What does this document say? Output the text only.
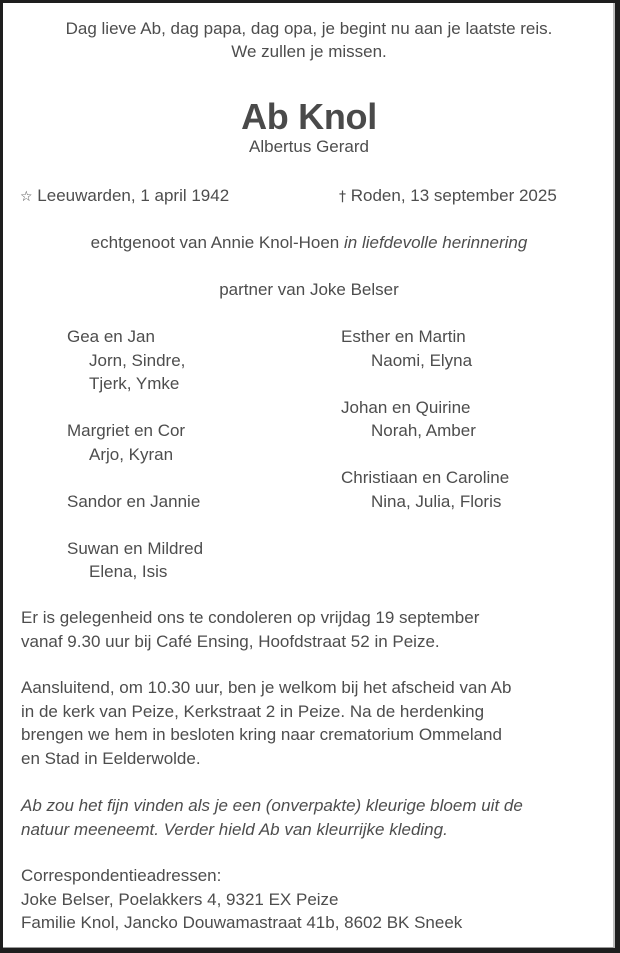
Dag lieve Ab, dag papa, dag opa, je begint nu aan je laatste reis.
We zullen je missen.
Ab Knol
Albertus Gerard
☆ Leeuwarden, 1 april 1942	† Roden, 13 september 2025
echtgenoot van Annie Knol-Hoen in liefdevolle herinnering
partner van Joke Belser
Gea en Jan
Jorn, Sindre,
Tjerk, Ymke
Margriet en Cor
Arjo, Kyran
Sandor en Jannie
Suwan en Mildred
Elena, Isis
Esther en Martin
Naomi, Elyna
Johan en Quirine
Norah, Amber
Christiaan en Caroline
Nina, Julia, Floris
Er is gelegenheid ons te condoleren op vrijdag 19 september
vanaf 9.30 uur bij Café Ensing, Hoofdstraat 52 in Peize.
Aansluitend, om 10.30 uur, ben je welkom bij het afscheid van Ab
in de kerk van Peize, Kerkstraat 2 in Peize. Na de herdenking
brengen we hem in besloten kring naar crematorium Ommeland
en Stad in Eelderwolde.
Ab zou het fijn vinden als je een (onverpakte) kleurige bloem uit de
natuur meeneemt. Verder hield Ab van kleurrijke kleding.
Correspondentieadressen:
Joke Belser, Poelakkers 4, 9321 EX Peize
Familie Knol, Jancko Douwamastraat 41b, 8602 BK Sneek
